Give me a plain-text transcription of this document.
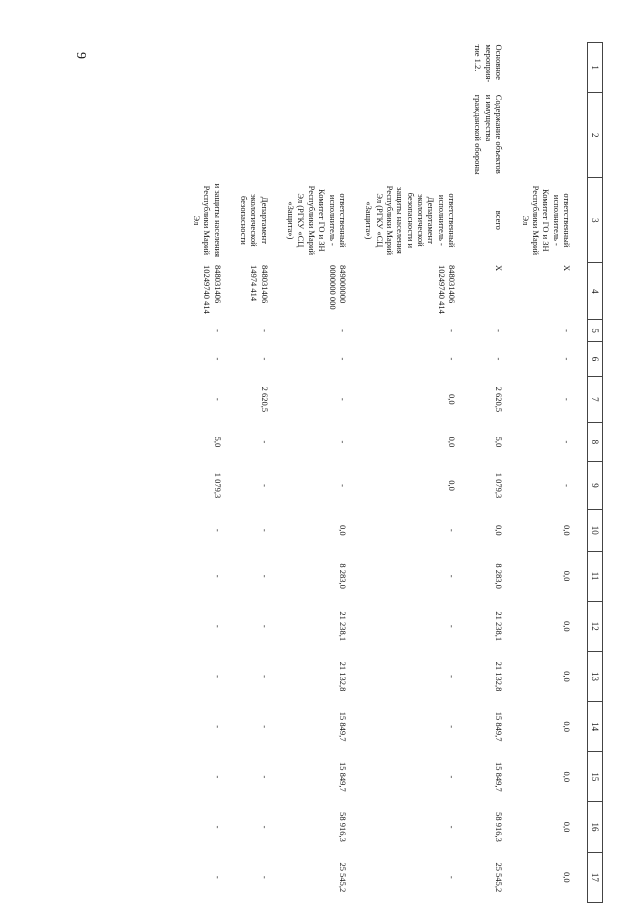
9
1	2	3	4	5	6	7	8	9	10	11	12	13	14	15	16	17

		ответственный исполнитель - Комитет ГО и ЗН Республики Марий Эл	Х	-	-	-	-	-	0,0	0,0	0,0	0,0	0,0	0,0	0,0	0,0

Основное мероприя-тие 1.2.	Содержание объектов и имущества гражданской обороны	всего	Х	-	-	2 620,5	5,0	1 079,3	0,0	8 283,0	21 238,1	21 132,8	15 849,7	15 849,7	58 916,3	25 545,2

		ответственный исполнитель - Департамент экологической безопасности и защиты населения Республики Марий Эл (РГКУ «СЦ «Защита»)	848031406 10249740 414	-	-	0,0	0,0	0,0	-	-	-	-	-	-	-	-

		ответственный исполнитель - Комитет ГО и ЗН Республики Марий Эл (РГКУ «СЦ «Защита»)	849000000 0000000 000	-	-	-	-	-	0,0	8 283,0	21 238,1	21 132,8	15 849,7	15 849,7	58 916,3	25 545,2

		Департамент экологической безопасности	848031406 14974 414	-	-	2 620,5	-	-	-	-	-	-	-	-	-	-

		и защиты населения Республики Марий Эл	848031406 10249740 414	-	-	-	5,0	1 079,3	-	-	-	-	-	-	-	-
